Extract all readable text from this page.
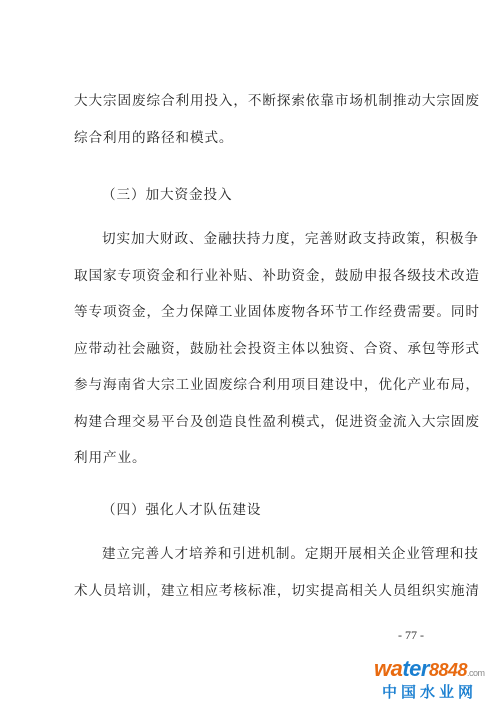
大大宗固废综合利用投入，不断探索依靠市场机制推动大宗固废
综合利用的路径和模式。
（三）加大资金投入
切实加大财政、金融扶持力度，完善财政支持政策，积极争
取国家专项资金和行业补贴、补助资金，鼓励申报各级技术改造
等专项资金，全力保障工业固体废物各环节工作经费需要。同时
应带动社会融资，鼓励社会投资主体以独资、合资、承包等形式
参与海南省大宗工业固废综合利用项目建设中，优化产业布局，
构建合理交易平台及创造良性盈利模式，促进资金流入大宗固废
利用产业。
（四）强化人才队伍建设
建立完善人才培养和引进机制。定期开展相关企业管理和技
术人员培训，建立相应考核标准，切实提高相关人员组织实施清
- 77 -
water8848.com
中国水业网
